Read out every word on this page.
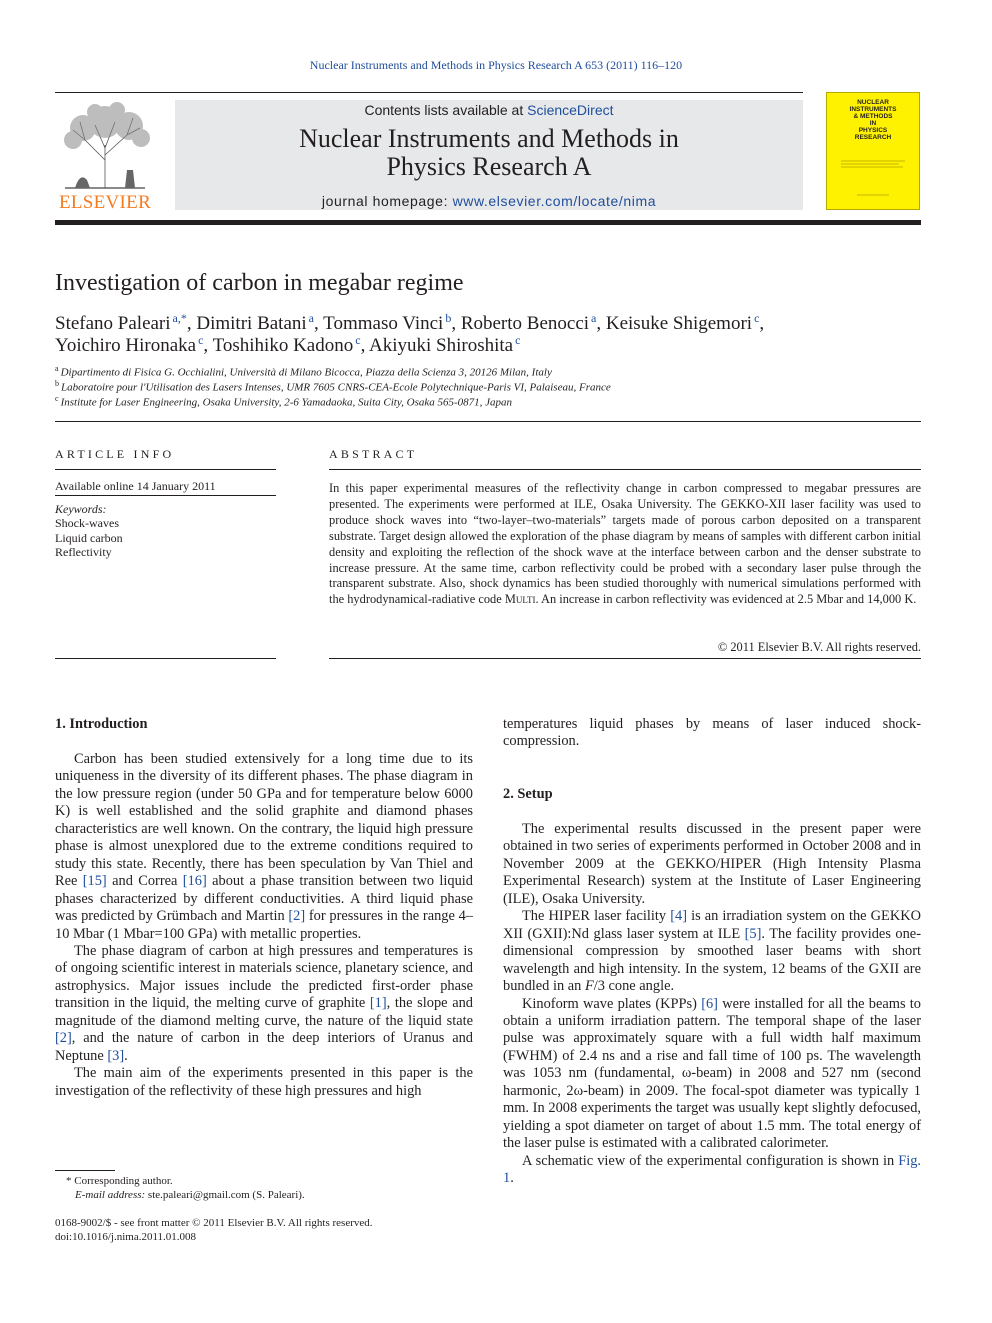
Nuclear Instruments and Methods in Physics Research A 653 (2011) 116–120
ELSEVIER
Contents lists available at ScienceDirect
Nuclear Instruments and Methods in
Physics Research A
journal homepage: www.elsevier.com/locate/nima
NUCLEAR
INSTRUMENTS
& METHODS
IN
PHYSICS
RESEARCH
Investigation of carbon in megabar regime
Stefano Paleari $^{a,*}$, Dimitri Batani $^a$, Tommaso Vinci $^b$, Roberto Benocci $^a$, Keisuke Shigemori $^c$,
Yoichiro Hironaka $^c$, Toshihiko Kadono $^c$, Akiyuki Shiroshita $^c$
$^a$ Dipartimento di Fisica G. Occhialini, Università di Milano Bicocca, Piazza della Scienza 3, 20126 Milan, Italy
$^b$ Laboratoire pour l'Utilisation des Lasers Intenses, UMR 7605 CNRS-CEA-Ecole Polytechnique-Paris VI, Palaiseau, France
$^c$ Institute for Laser Engineering, Osaka University, 2-6 Yamadaoka, Suita City, Osaka 565-0871, Japan
ARTICLE INFO
Available online 14 January 2011
Keywords:
Shock-waves
Liquid carbon
Reflectivity
ABSTRACT
In this paper experimental measures of the reflectivity change in carbon compressed to megabar pressures are presented. The experiments were performed at ILE, Osaka University. The GEKKO-XII laser facility was used to produce shock waves into “two-layer–two-materials” targets made of porous carbon deposited on a transparent substrate. Target design allowed the exploration of the phase diagram by means of samples with different carbon initial density and exploiting the reflection of the shock wave at the interface between carbon and the denser substrate to increase pressure. At the same time, carbon reflectivity could be probed with a secondary laser pulse through the transparent substrate. Also, shock dynamics has been studied thoroughly with numerical simulations performed with the hydrodynamical-radiative code Multi. An increase in carbon reflectivity was evidenced at 2.5 Mbar and 14,000 K.
© 2011 Elsevier B.V. All rights reserved.
1. Introduction

Carbon has been studied extensively for a long time due to its uniqueness in the diversity of its different phases. The phase diagram in the low pressure region (under 50 GPa and for temperature below 6000 K) is well established and the solid graphite and diamond phases characteristics are well known. On the contrary, the liquid high pressure phase is almost unexplored due to the extreme conditions required to study this state. Recently, there has been speculation by Van Thiel and Ree [15] and Correa [16] about a phase transition between two liquid phases characterized by different conductivities. A third liquid phase was predicted by Grümbach and Martin [2] for pressures in the range 4–10 Mbar (1 Mbar=100 GPa) with metallic properties.

The phase diagram of carbon at high pressures and temperatures is of ongoing scientific interest in materials science, planetary science, and astrophysics. Major issues include the predicted first-order phase transition in the liquid, the melting curve of graphite [1], the slope and magnitude of the diamond melting curve, the nature of the liquid state [2], and the nature of carbon in the deep interiors of Uranus and Neptune [3].

The main aim of the experiments presented in this paper is the investigation of the reflectivity of these high pressures and high

temperatures liquid phases by means of laser induced shock-compression.

2. Setup

The experimental results discussed in the present paper were obtained in two series of experiments performed in October 2008 and in November 2009 at the GEKKO/HIPER (High Intensity Plasma Experimental Research) system at the Institute of Laser Engineering (ILE), Osaka University.

The HIPER laser facility [4] is an irradiation system on the GEKKO XII (GXII):Nd glass laser system at ILE [5]. The facility provides one-dimensional compression by smoothed laser beams with short wavelength and high intensity. In the system, 12 beams of the GXII are bundled in an F/3 cone angle.

Kinoform wave plates (KPPs) [6] were installed for all the beams to obtain a uniform irradiation pattern. The temporal shape of the laser pulse was approximately square with a full width half maximum (FWHM) of 2.4 ns and a rise and fall time of 100 ps. The wavelength was 1053 nm (fundamental, ω-beam) in 2008 and 527 nm (second harmonic, 2ω-beam) in 2009. The focal-spot diameter was typically 1 mm. In 2008 experiments the target was usually kept slightly defocused, yielding a spot diameter on target of about 1.5 mm. The total energy of the laser pulse is estimated with a calibrated calorimeter.

A schematic view of the experimental configuration is shown in Fig. 1.

* Corresponding author.
E-mail address: ste.paleari@gmail.com (S. Paleari).
0168-9002/$ - see front matter © 2011 Elsevier B.V. All rights reserved.
doi:10.1016/j.nima.2011.01.008
